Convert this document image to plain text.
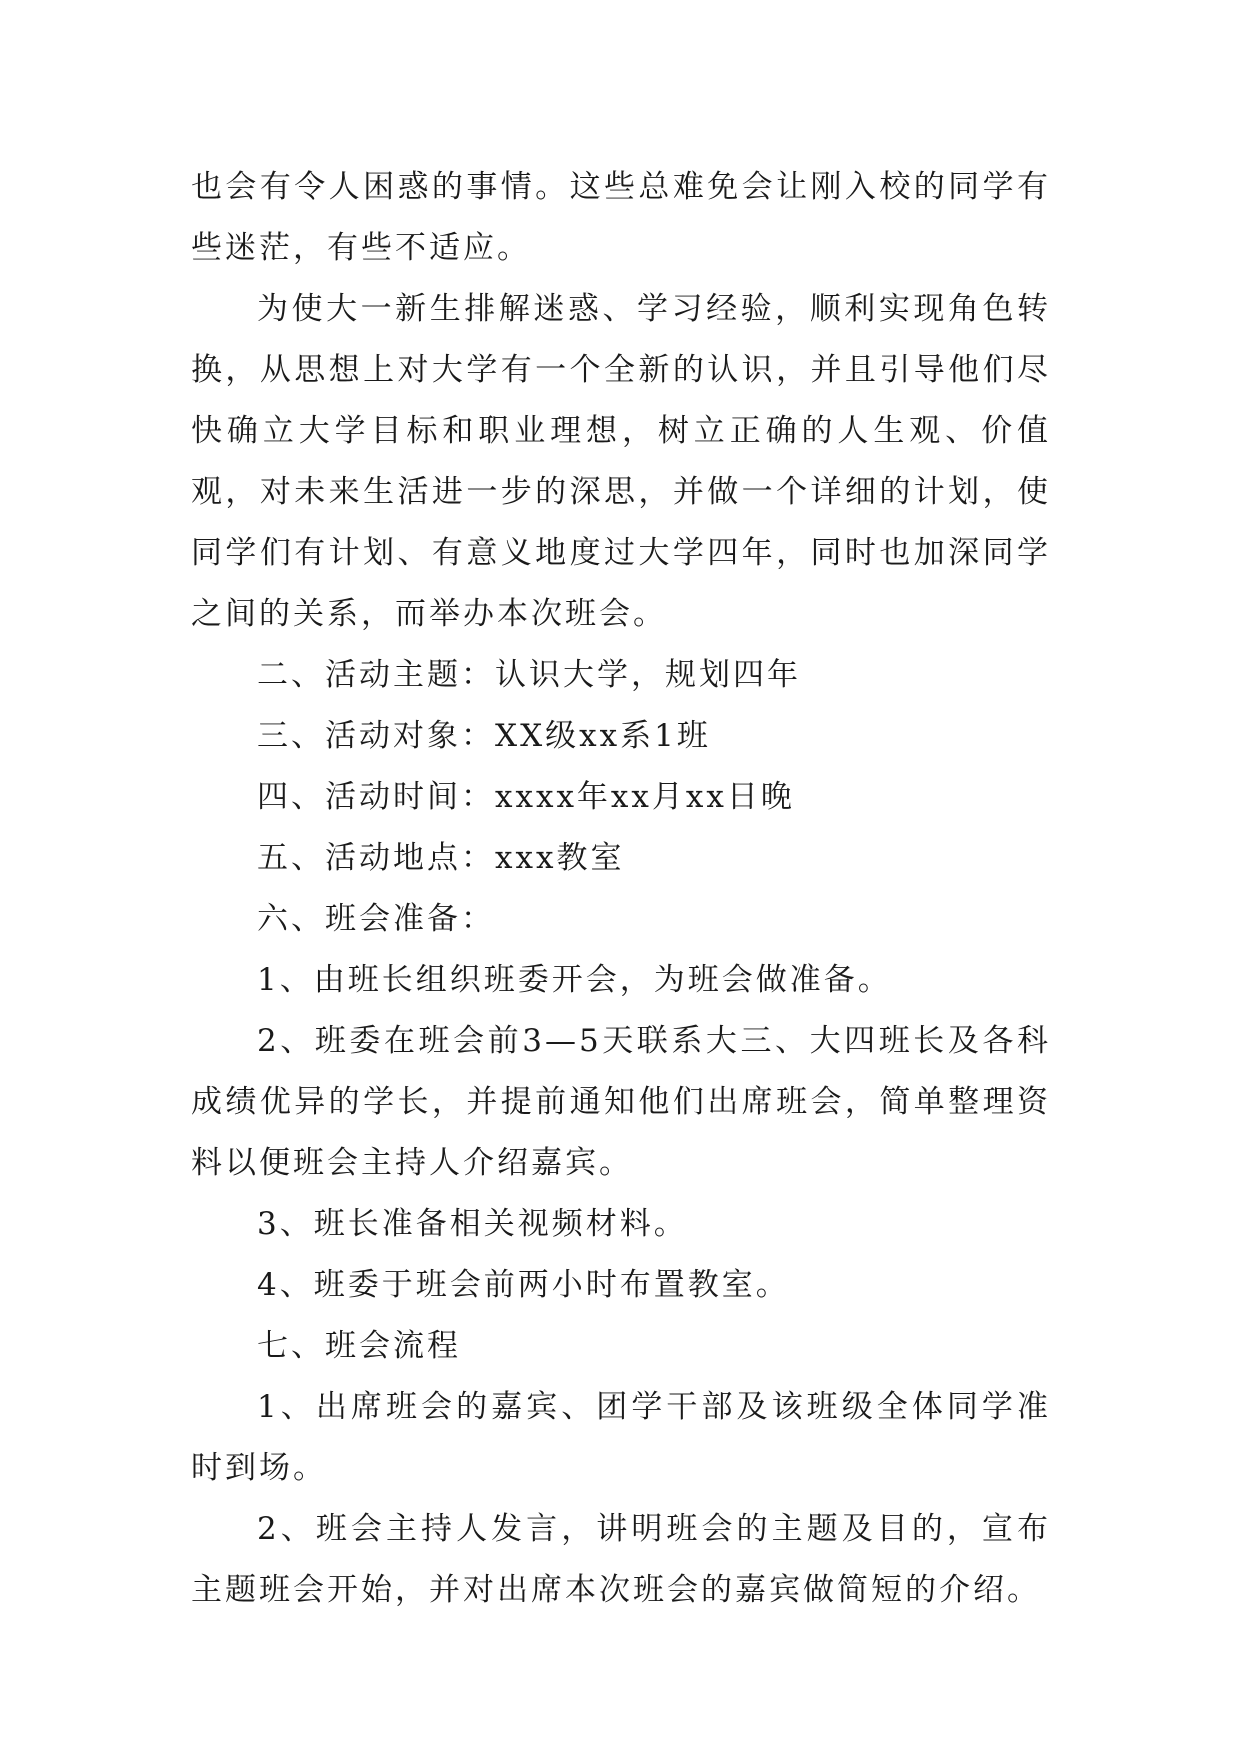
也会有令人困惑的事情。这些总难免会让刚入校的同学有些迷茫，有些不适应。

为使大一新生排解迷惑、学习经验，顺利实现角色转换，从思想上对大学有一个全新的认识，并且引导他们尽快确立大学目标和职业理想，树立正确的人生观、价值观，对未来生活进一步的深思，并做一个详细的计划，使同学们有计划、有意义地度过大学四年，同时也加深同学之间的关系，而举办本次班会。

二、活动主题：认识大学，规划四年

三、活动对象：XX级xx系1班

四、活动时间：xxxx年xx月xx日晚

五、活动地点：xxx教室

六、班会准备：

1、由班长组织班委开会，为班会做准备。

2、班委在班会前3—5天联系大三、大四班长及各科成绩优异的学长，并提前通知他们出席班会，简单整理资料以便班会主持人介绍嘉宾。

3、班长准备相关视频材料。

4、班委于班会前两小时布置教室。

七、班会流程

1、出席班会的嘉宾、团学干部及该班级全体同学准时到场。

2、班会主持人发言，讲明班会的主题及目的，宣布主题班会开始，并对出席本次班会的嘉宾做简短的介绍。
